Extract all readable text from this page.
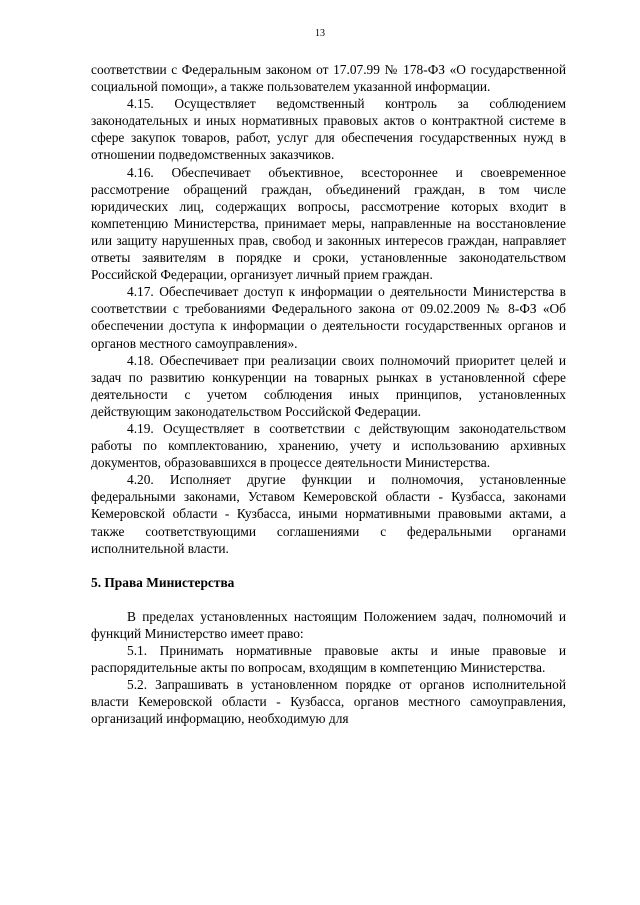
13

соответствии с Федеральным законом от 17.07.99 № 178-ФЗ «О государственной социальной помощи», а также пользователем указанной информации.

4.15. Осуществляет ведомственный контроль за соблюдением законодательных и иных нормативных правовых актов о контрактной системе в сфере закупок товаров, работ, услуг для обеспечения государственных нужд в отношении подведомственных заказчиков.

4.16. Обеспечивает объективное, всестороннее и своевременное рассмотрение обращений граждан, объединений граждан, в том числе юридических лиц, содержащих вопросы, рассмотрение которых входит в компетенцию Министерства, принимает меры, направленные на восстановление или защиту нарушенных прав, свобод и законных интересов граждан, направляет ответы заявителям в порядке и сроки, установленные законодательством Российской Федерации, организует личный прием граждан.

4.17. Обеспечивает доступ к информации о деятельности Министерства в соответствии с требованиями Федерального закона от 09.02.2009 № 8-ФЗ «Об обеспечении доступа к информации о деятельности государственных органов и органов местного самоуправления».

4.18. Обеспечивает при реализации своих полномочий приоритет целей и задач по развитию конкуренции на товарных рынках в установленной сфере деятельности с учетом соблюдения иных принципов, установленных действующим законодательством Российской Федерации.

4.19. Осуществляет в соответствии с действующим законодательством работы по комплектованию, хранению, учету и использованию архивных документов, образовавшихся в процессе деятельности Министерства.

4.20. Исполняет другие функции и полномочия, установленные федеральными законами, Уставом Кемеровской области - Кузбасса, законами Кемеровской области - Кузбасса, иными нормативными правовыми актами, а также соответствующими соглашениями с федеральными органами исполнительной власти.

5. Права Министерства

В пределах установленных настоящим Положением задач, полномочий и функций Министерство имеет право:

5.1. Принимать нормативные правовые акты и иные правовые и распорядительные акты по вопросам, входящим в компетенцию Министерства.

5.2. Запрашивать в установленном порядке от органов исполнительной власти Кемеровской области - Кузбасса, органов местного самоуправления, организаций информацию, необходимую для
